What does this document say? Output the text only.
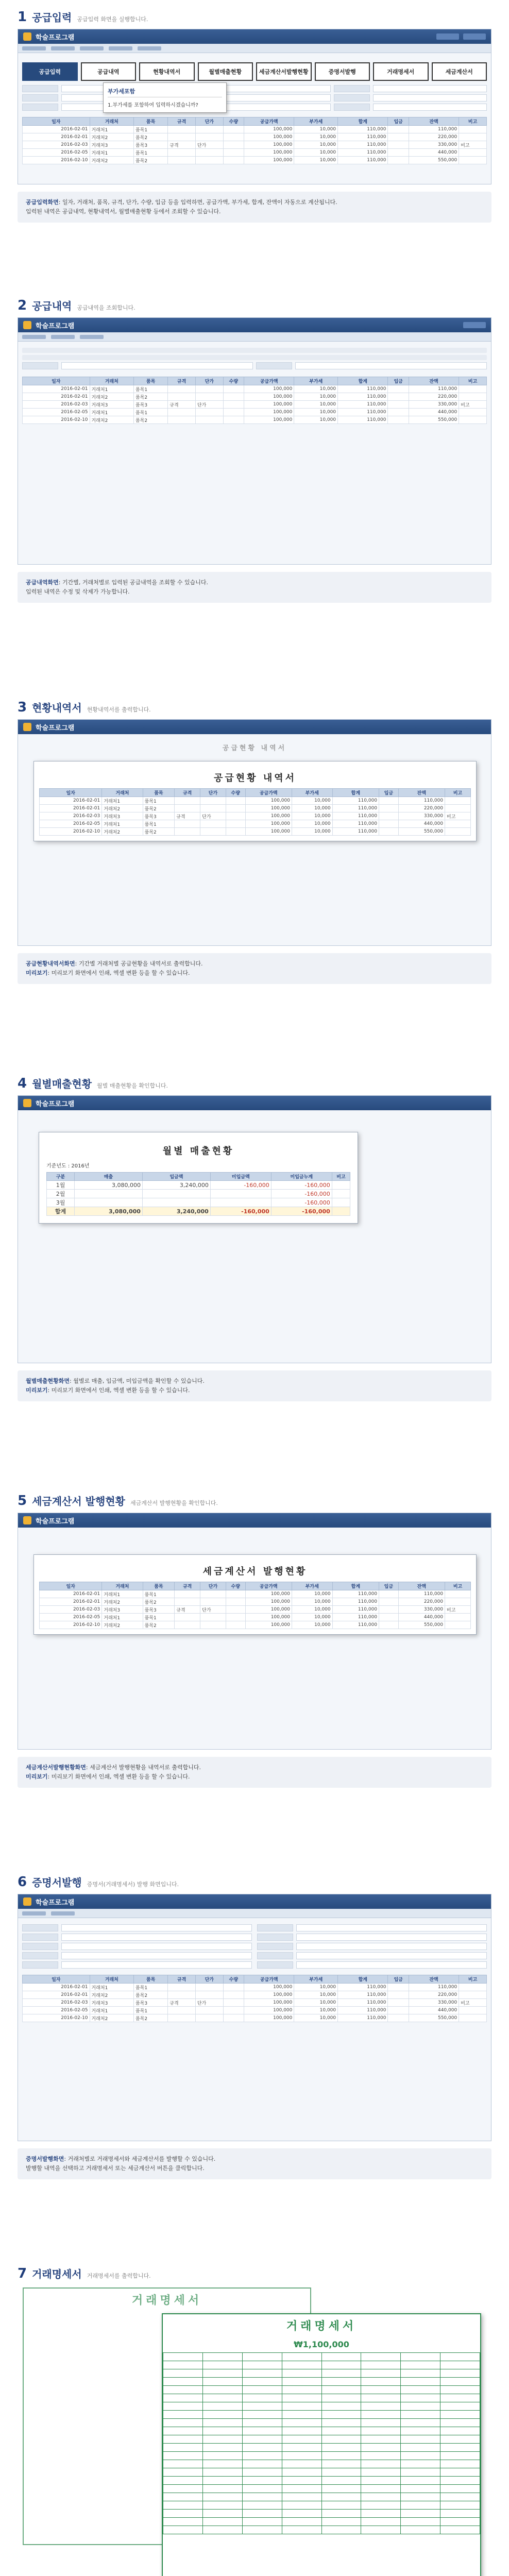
1 공급입력 공급입력 화면을 실행합니다.
학술프로그램
공급입력	공급내역	현황내역서	월별매출현황	세금계산서발행현황	증명서발행	거래명세서	세금계산서
일자	거래처	품목	규격	단가	수량	공급가액	부가세	합계	입금	잔액	비고
2016-02-01	거래처1	품목1				100,000	10,000	110,000		110,000	
2016-02-01	거래처2	품목2				100,000	10,000	110,000		220,000	
2016-02-03	거래처3	품목3	규격	단가		100,000	10,000	110,000		330,000	비고
2016-02-05	거래처1	품목1				100,000	10,000	110,000		440,000	
2016-02-10	거래처2	품목2				100,000	10,000	110,000		550,000	
부가세포함
1.부가세를 포함하여 입력하시겠습니까?
공급입력화면: 일자, 거래처, 품목, 규격, 단가, 수량, 입금 등을 입력하면, 공급가액, 부가세, 합계, 잔액이 자동으로 계산됩니다.
입력된 내역은 공급내역, 현황내역서, 월별매출현황 등에서 조회할 수 있습니다.
2 공급내역 공급내역을 조회합니다.
학술프로그램
일자	거래처	품목	규격	단가	수량	공급가액	부가세	합계	입금	잔액	비고
2016-02-01	거래처1	품목1				100,000	10,000	110,000		110,000	
2016-02-01	거래처2	품목2				100,000	10,000	110,000		220,000	
2016-02-03	거래처3	품목3	규격	단가		100,000	10,000	110,000		330,000	비고
2016-02-05	거래처1	품목1				100,000	10,000	110,000		440,000	
2016-02-10	거래처2	품목2				100,000	10,000	110,000		550,000	
공급내역화면: 기간별, 거래처별로 입력된 공급내역을 조회할 수 있습니다.
입력된 내역은 수정 및 삭제가 가능합니다.
3 현황내역서 현황내역서를 출력합니다.
학술프로그램
공급현황 내역서
공급현황 내역서
일자	거래처	품목	규격	단가	수량	공급가액	부가세	합계	입금	잔액	비고
2016-02-01	거래처1	품목1				100,000	10,000	110,000		110,000	
2016-02-01	거래처2	품목2				100,000	10,000	110,000		220,000	
2016-02-03	거래처3	품목3	규격	단가		100,000	10,000	110,000		330,000	비고
2016-02-05	거래처1	품목1				100,000	10,000	110,000		440,000	
2016-02-10	거래처2	품목2				100,000	10,000	110,000		550,000	
공급현황내역서화면: 기간별 거래처별 공급현황을 내역서로 출력합니다.
미리보기: 미리보기 화면에서 인쇄, 엑셀 변환 등을 할 수 있습니다.
4 월별매출현황 월별 매출현황을 확인합니다.
학술프로그램
월별 매출현황
기준년도 : 2016년
구분	매출	입금액	미입금액	미입금누계	비고
1월	3,080,000	3,240,000	-160,000	-160,000	
2월				-160,000	
3월				-160,000	
합계	3,080,000	3,240,000	-160,000	-160,000	
월별매출현황화면: 월별로 매출, 입금액, 미입금액을 확인할 수 있습니다.
미리보기: 미리보기 화면에서 인쇄, 엑셀 변환 등을 할 수 있습니다.
5 세금계산서 발행현황 세금계산서 발행현황을 확인합니다.
학술프로그램
세금계산서 발행현황
일자	거래처	품목	규격	단가	수량	공급가액	부가세	합계	입금	잔액	비고
2016-02-01	거래처1	품목1				100,000	10,000	110,000		110,000	
2016-02-01	거래처2	품목2				100,000	10,000	110,000		220,000	
2016-02-03	거래처3	품목3	규격	단가		100,000	10,000	110,000		330,000	비고
2016-02-05	거래처1	품목1				100,000	10,000	110,000		440,000	
2016-02-10	거래처2	품목2				100,000	10,000	110,000		550,000	
세금계산서발행현황화면: 세금계산서 발행현황을 내역서로 출력합니다.
미리보기: 미리보기 화면에서 인쇄, 엑셀 변환 등을 할 수 있습니다.
6 증명서발행 증명서(거래명세서) 발행 화면입니다.
학술프로그램
일자	거래처	품목	규격	단가	수량	공급가액	부가세	합계	입금	잔액	비고
2016-02-01	거래처1	품목1				100,000	10,000	110,000		110,000	
2016-02-01	거래처2	품목2				100,000	10,000	110,000		220,000	
2016-02-03	거래처3	품목3	규격	단가		100,000	10,000	110,000		330,000	비고
2016-02-05	거래처1	품목1				100,000	10,000	110,000		440,000	
2016-02-10	거래처2	품목2				100,000	10,000	110,000		550,000	
증명서발행화면: 거래처별로 거래명세서와 세금계산서를 발행할 수 있습니다.
발행할 내역을 선택하고 거래명세서 또는 세금계산서 버튼을 클릭합니다.
7 거래명세서 거래명세서를 출력합니다.
거래명세서
거래명세서
₩1,100,000
